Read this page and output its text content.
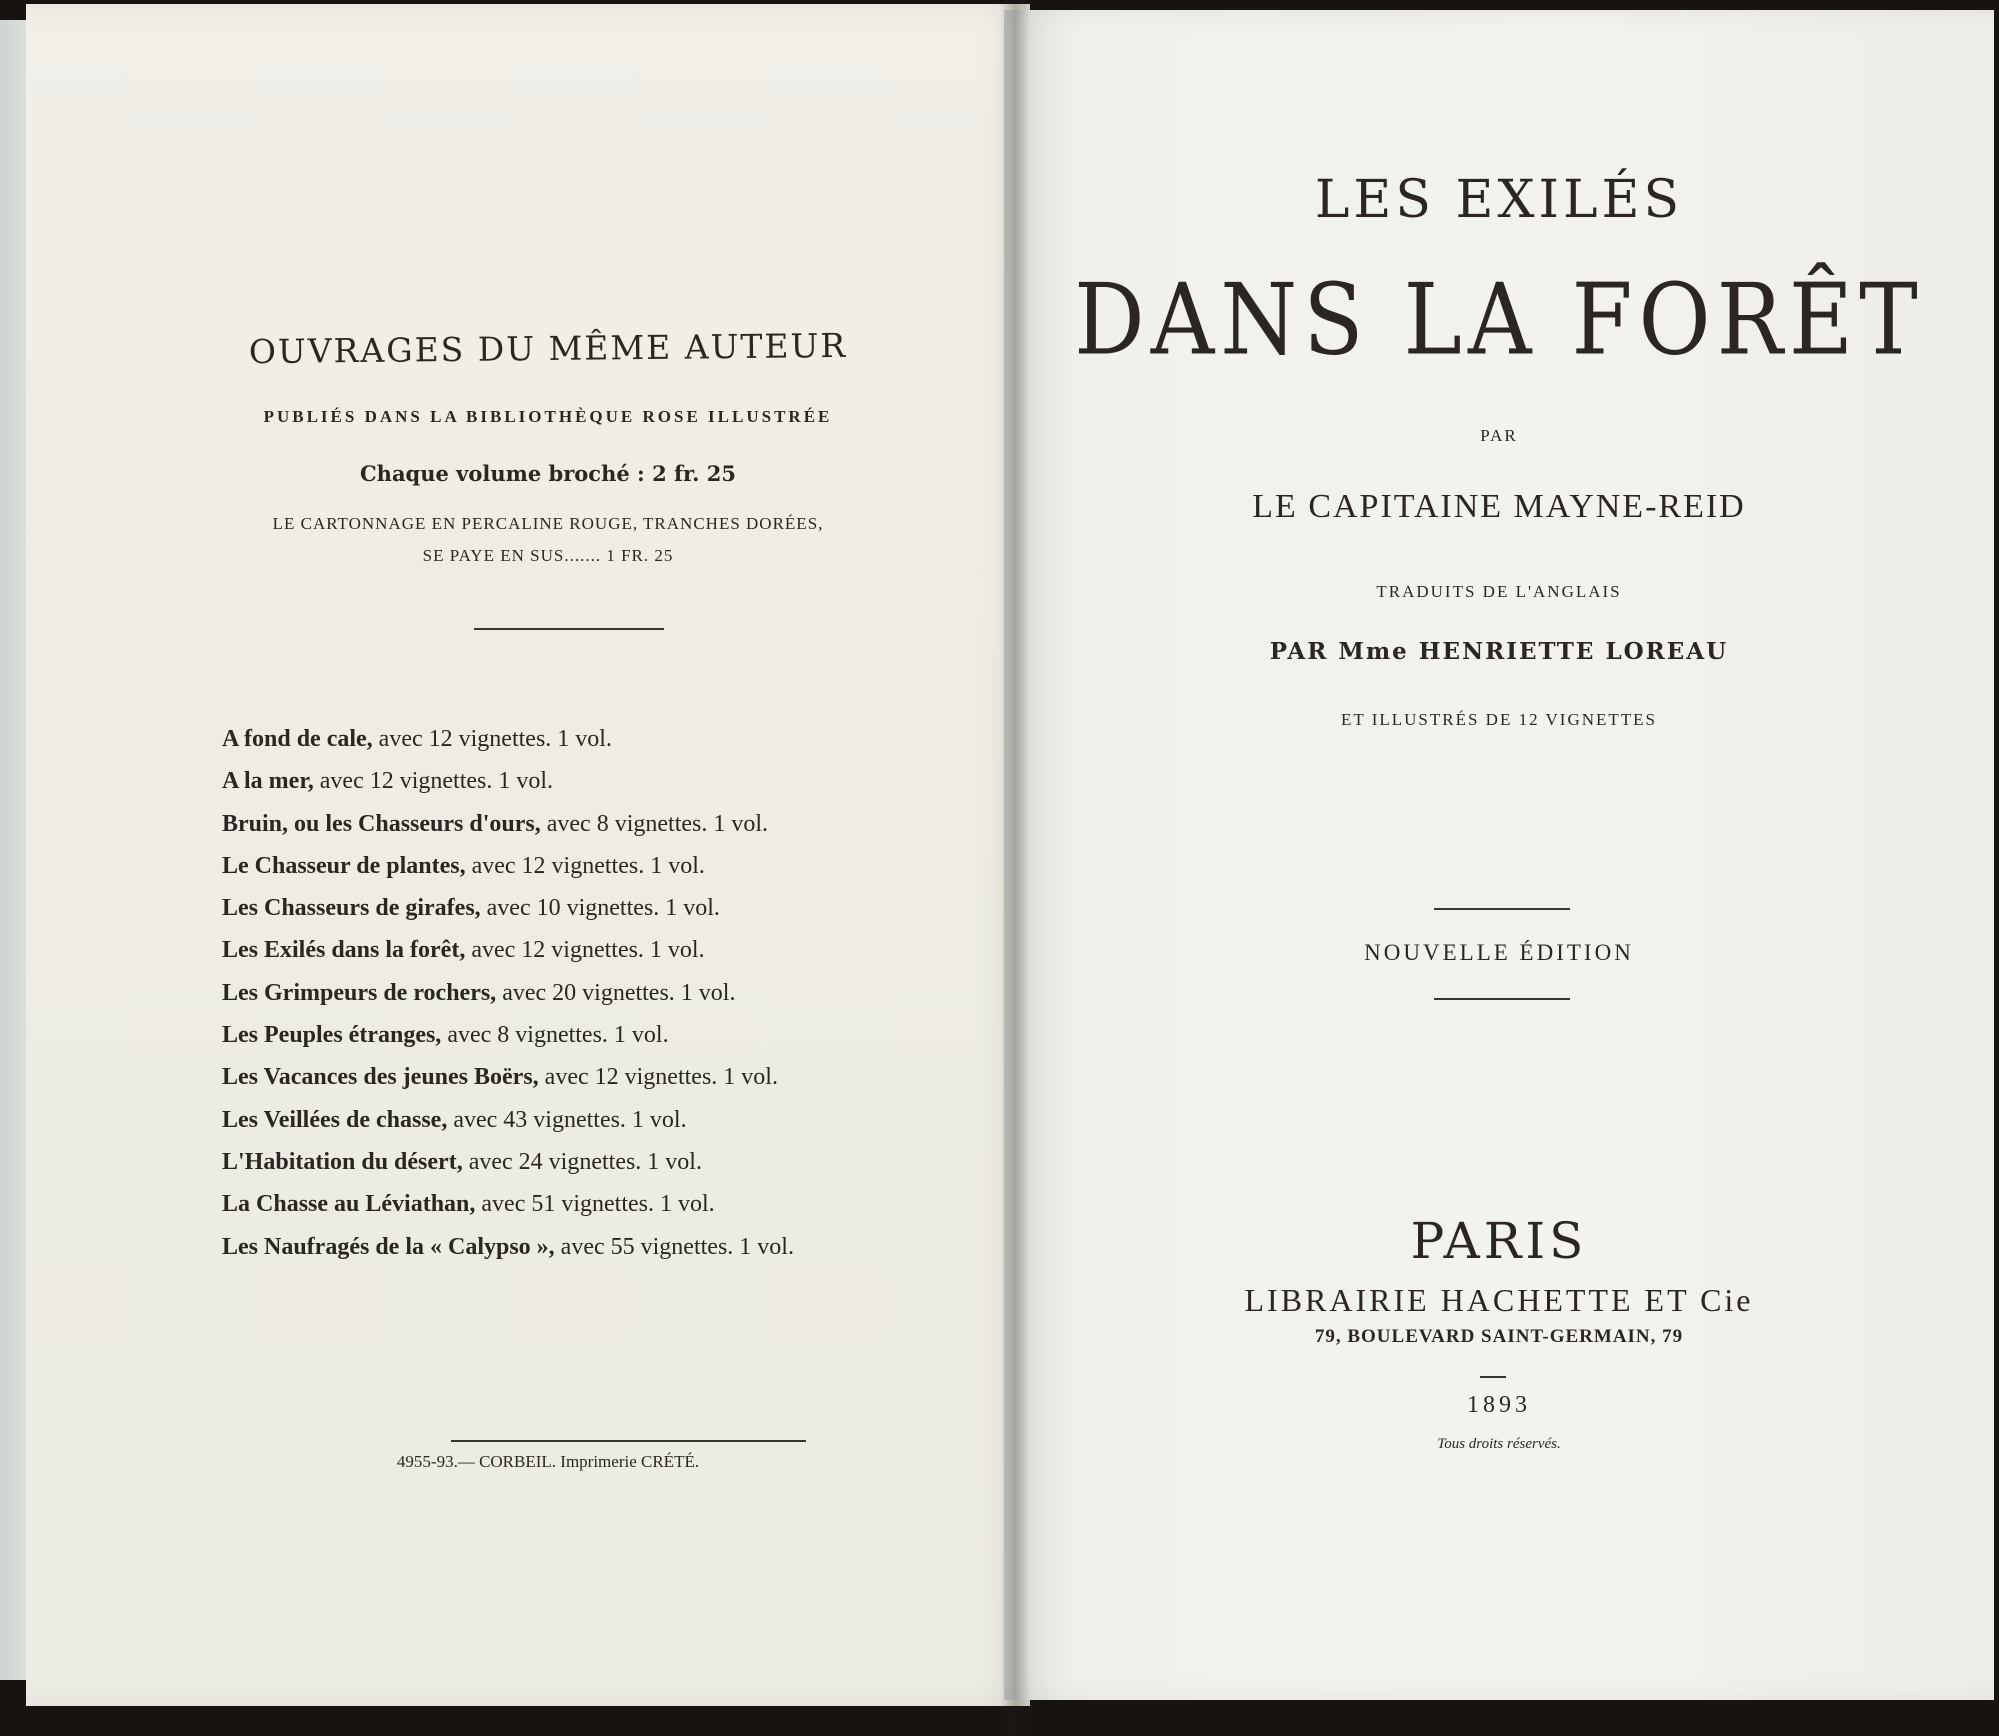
OUVRAGES DU MÊME AUTEUR
PUBLIÉS DANS LA BIBLIOTHÈQUE ROSE ILLUSTRÉE
Chaque volume broché : 2 fr. 25
LE CARTONNAGE EN PERCALINE ROUGE, TRANCHES DORÉES,
SE PAYE EN SUS....... 1 FR. 25
A fond de cale, avec 12 vignettes. 1 vol.
A la mer, avec 12 vignettes. 1 vol.
Bruin, ou les Chasseurs d'ours, avec 8 vignettes. 1 vol.
Le Chasseur de plantes, avec 12 vignettes. 1 vol.
Les Chasseurs de girafes, avec 10 vignettes. 1 vol.
Les Exilés dans la forêt, avec 12 vignettes. 1 vol.
Les Grimpeurs de rochers, avec 20 vignettes. 1 vol.
Les Peuples étranges, avec 8 vignettes. 1 vol.
Les Vacances des jeunes Boërs, avec 12 vignettes. 1 vol.
Les Veillées de chasse, avec 43 vignettes. 1 vol.
L'Habitation du désert, avec 24 vignettes. 1 vol.
La Chasse au Léviathan, avec 51 vignettes. 1 vol.
Les Naufragés de la « Calypso », avec 55 vignettes. 1 vol.
4955-93.— CORBEIL. Imprimerie CRÉTÉ.
LES EXILÉS
DANS LA FORÊT
PAR
LE CAPITAINE MAYNE-REID
TRADUITS DE L'ANGLAIS
PAR Mme HENRIETTE LOREAU
ET ILLUSTRÉS DE 12 VIGNETTES
NOUVELLE ÉDITION
PARIS
LIBRAIRIE HACHETTE ET Cie
79, BOULEVARD SAINT-GERMAIN, 79
1893
Tous droits réservés.
